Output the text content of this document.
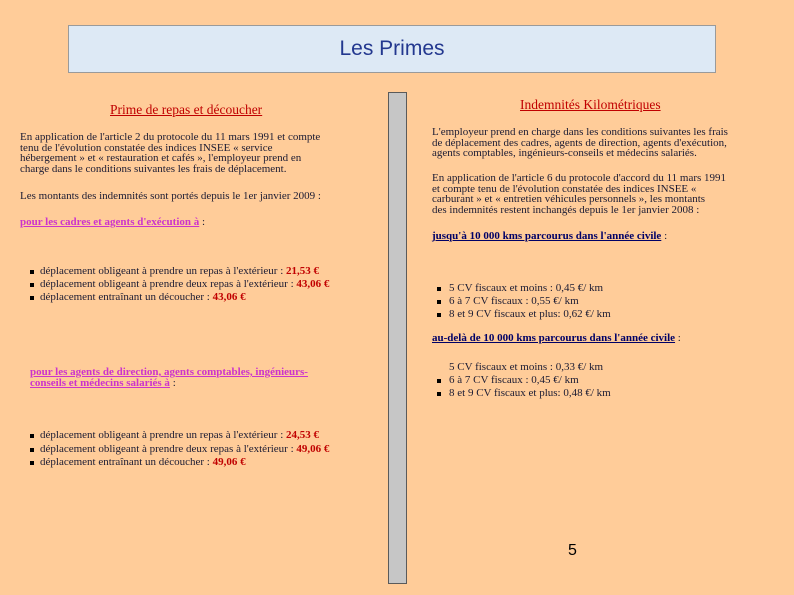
Les Primes
Prime de repas et découcher
En application de l'article 2 du protocole du 11 mars 1991 et compte
tenu de l'évolution constatée des indices INSEE « service
hébergement » et « restauration et cafés », l'employeur prend en
charge dans le conditions suivantes les frais de déplacement.
Les montants des indemnités sont portés depuis le 1er janvier 2009 :
pour les cadres et agents d'exécution à :
déplacement obligeant à prendre un repas à l'extérieur : 21,53 €
déplacement obligeant à prendre deux repas à l'extérieur : 43,06 €
déplacement entraînant un découcher : 43,06 €
pour les agents de direction, agents comptables, ingénieurs-
conseils et médecins salariés à :
déplacement obligeant à prendre un repas à l'extérieur : 24,53 €
déplacement obligeant à prendre deux repas à l'extérieur : 49,06 €
déplacement entraînant un découcher : 49,06 €
Indemnités Kilométriques
L'employeur prend en charge dans les conditions suivantes les frais
de déplacement des cadres, agents de direction, agents d'exécution,
agents comptables, ingénieurs-conseils et médecins salariés.
En application de l'article 6 du protocole d'accord du 11 mars 1991
et compte tenu de l'évolution constatée des indices INSEE «
carburant » et « entretien véhicules personnels », les montants
des indemnités restent inchangés depuis le 1er janvier 2008 :
jusqu'à 10 000 kms parcourus dans l'année civile :
5 CV fiscaux et moins : 0,45 €/ km
6 à 7 CV fiscaux : 0,55 €/ km
8 et 9 CV fiscaux et plus: 0,62 €/ km
au-delà de 10 000 kms parcourus dans l'année civile :
5 CV fiscaux et moins : 0,33 €/ km
6 à 7 CV fiscaux : 0,45 €/ km
8 et 9 CV fiscaux et plus: 0,48 €/ km
5
